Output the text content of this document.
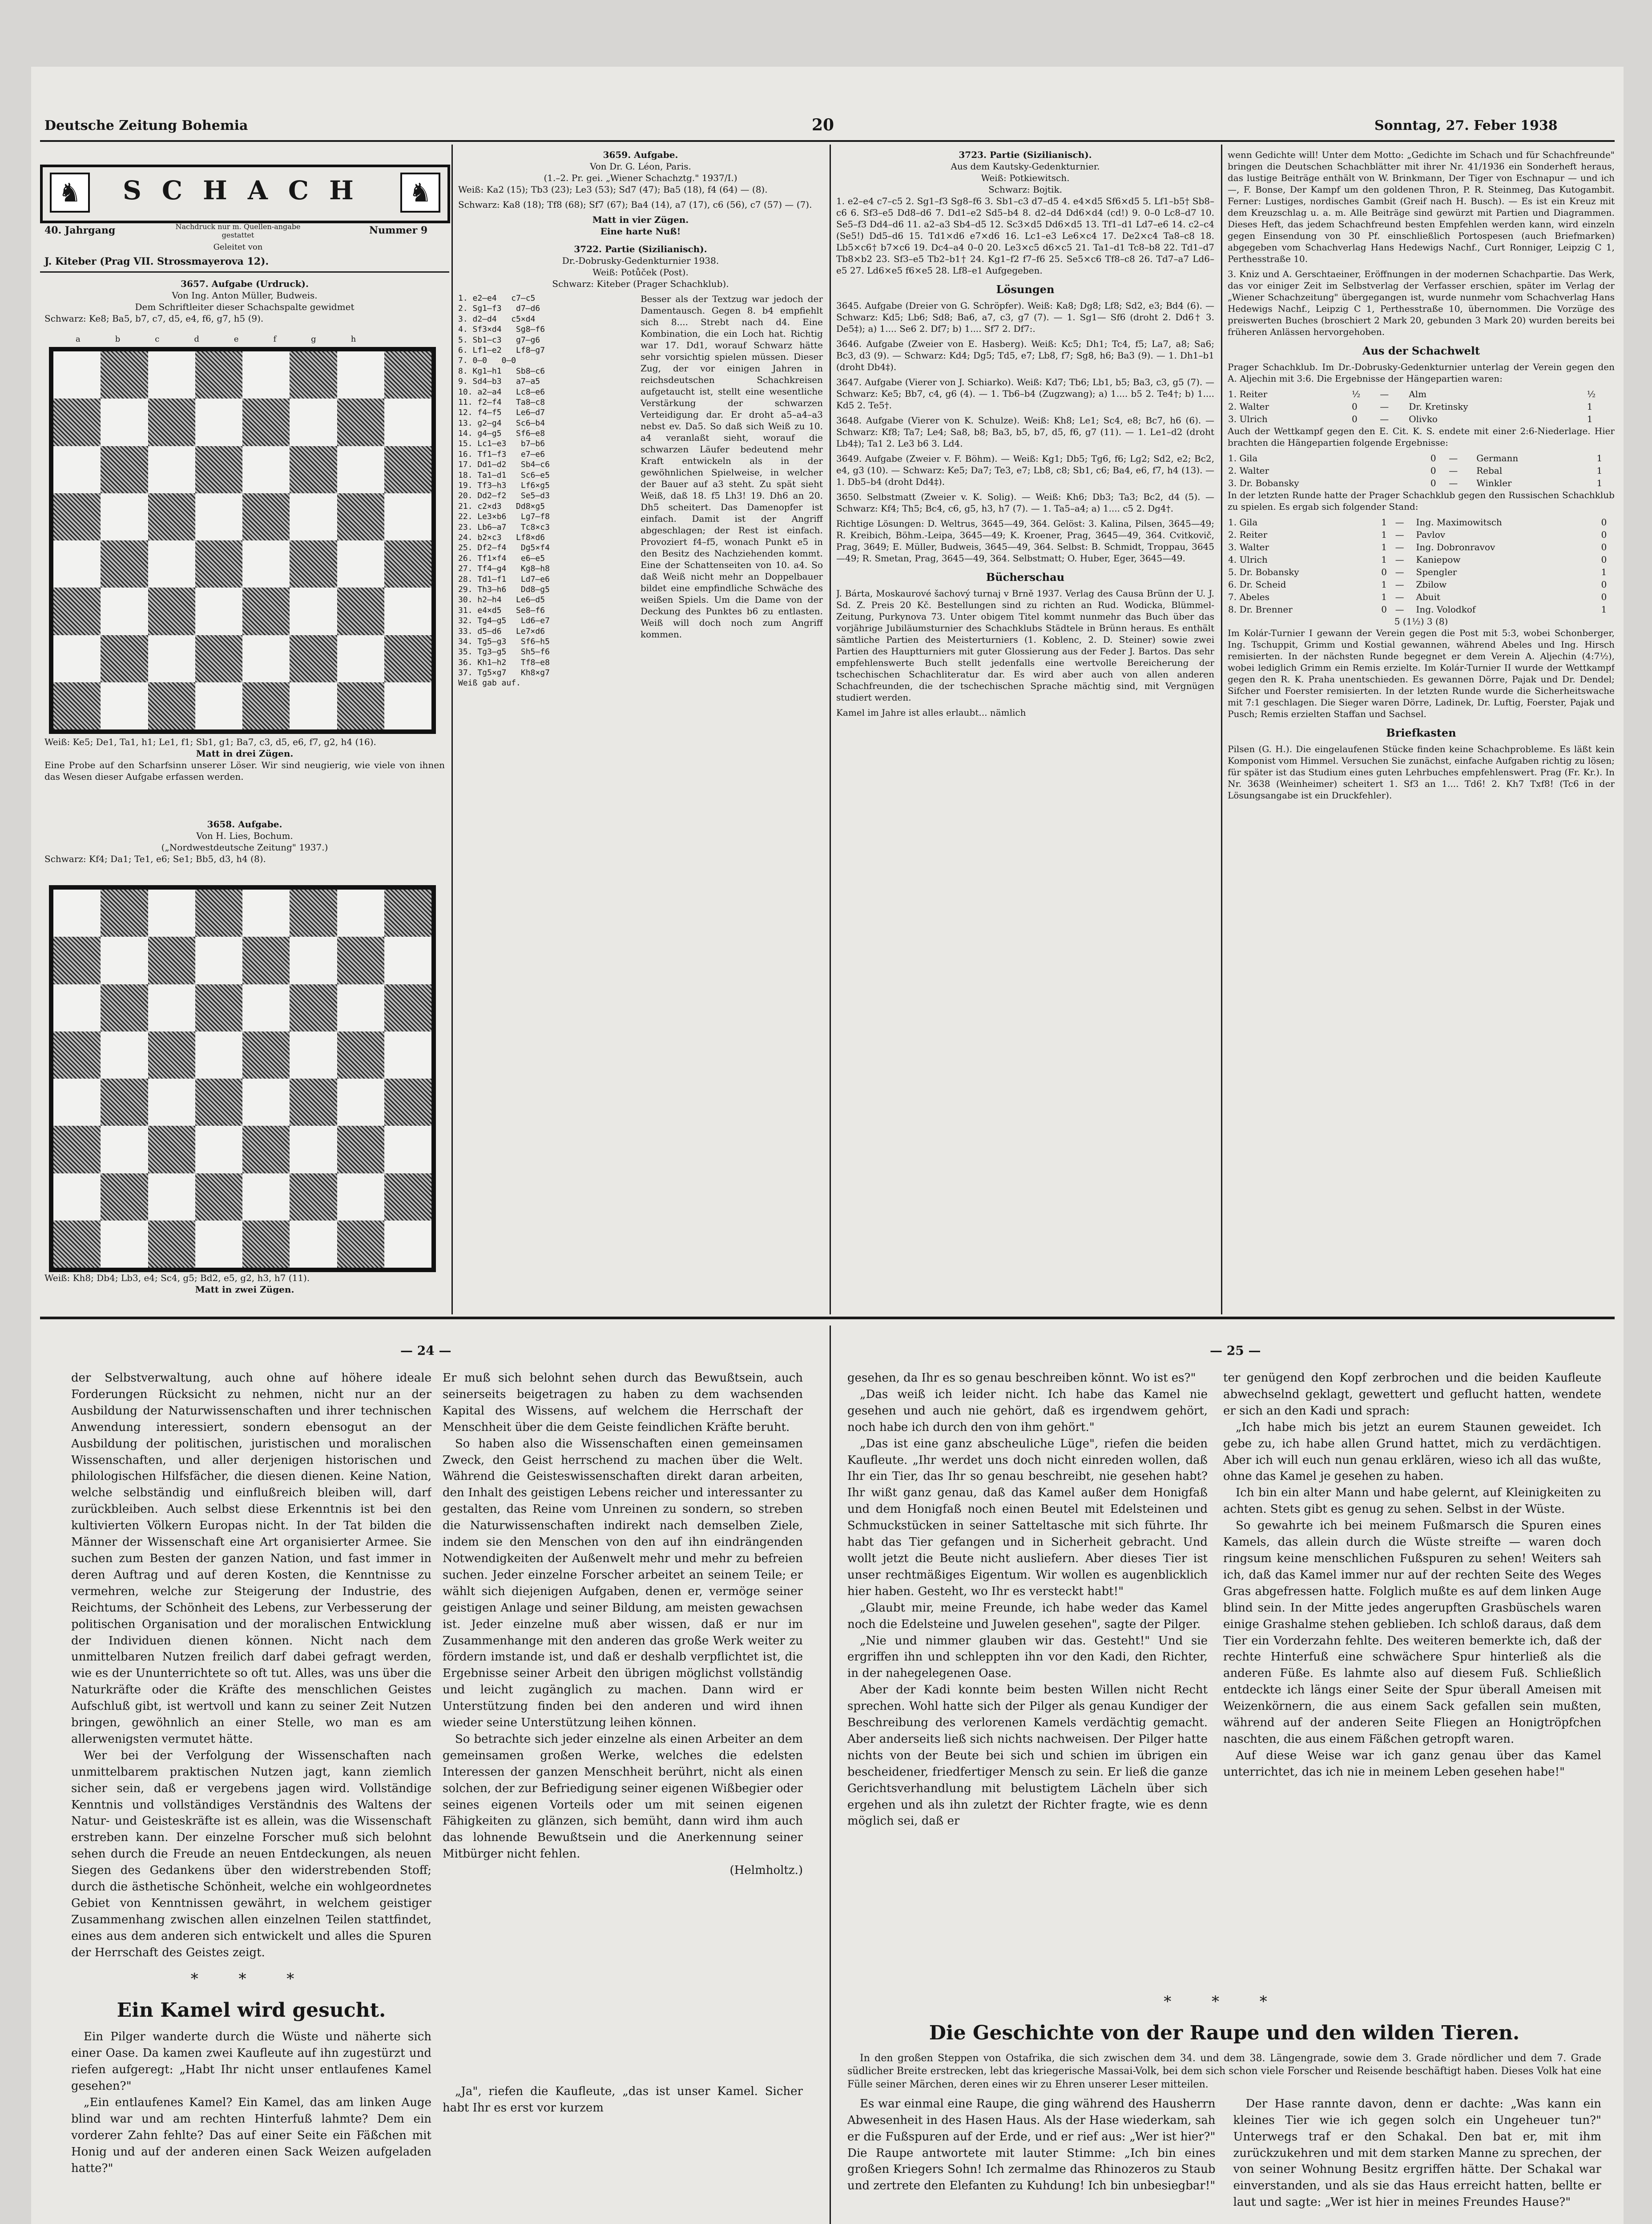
Deutsche Zeitung Bohemia	20	Sonntag, 27. Feber 1938
♞	SCHACH	♞
40. Jahrgang	Nachdruck nur m. Quellen-angabe gestattet	Nummer 9
Geleitet von
J. Kiteber (Prag VII. Strossmayerova 12).
3657. Aufgabe (Urdruck).
Von Ing. Anton Müller, Budweis.
Dem Schriftleiter dieser Schachspalte gewidmet
Schwarz: Ke8; Ba5, b7, c7, d5, e4, f6, g7, h5 (9).
abcdefgh
Weiß: Ke5; De1, Ta1, h1; Le1, f1; Sb1, g1; Ba7, c3, d5, e6, f7, g2, h4 (16).
Matt in drei Zügen.
Eine Probe auf den Scharfsinn unserer Löser. Wir sind neugierig, wie viele von ihnen das Wesen dieser Aufgabe erfassen werden.
3658. Aufgabe.
Von H. Lies, Bochum.
(„Nordwestdeutsche Zeitung" 1937.)
Schwarz: Kf4; Da1; Te1, e6; Se1; Bb5, d3, h4 (8).
Weiß: Kh8; Db4; Lb3, e4; Sc4, g5; Bd2, e5, g2, h3, h7 (11).
Matt in zwei Zügen.
3659. Aufgabe.
Von Dr. G. Léon, Paris.
(1.–2. Pr. gei. „Wiener Schachztg." 1937/I.)

Weiß: Ka2 (15); Tb3 (23); Le3 (53); Sd7 (47); Ba5 (18), f4 (64) — (8).

Schwarz: Ka8 (18); Tf8 (68); Sf7 (67); Ba4 (14), a7 (17), c6 (56), c7 (57) — (7).

Matt in vier Zügen.
Eine harte Nuß!
3722. Partie (Sizilianisch).
Dr.-Dobrusky-Gedenkturnier 1938.
Weiß: Potůček (Post).
Schwarz: Kiteber (Prager Schachklub).
1. e2–e4   c7–c5
2. Sg1–f3   d7–d6
3. d2–d4   c5×d4
4. Sf3×d4   Sg8–f6
5. Sb1–c3   g7–g6
6. Lf1–e2   Lf8–g7
7. 0–0   0–0
8. Kg1–h1   Sb8–c6
9. Sd4–b3   a7–a5
10. a2–a4   Lc8–e6
11. f2–f4   Ta8–c8
12. f4–f5   Le6–d7
13. g2–g4   Sc6–b4
14. g4–g5   Sf6–e8
15. Lc1–e3   b7–b6
16. Tf1–f3   e7–e6
17. Dd1–d2   Sb4–c6
18. Ta1–d1   Sc6–e5
19. Tf3–h3   Lf6×g5
20. Dd2–f2   Se5–d3
21. c2×d3   Dd8×g5
22. Le3×b6   Lg7–f8
23. Lb6–a7   Tc8×c3
24. b2×c3   Lf8×d6
25. Df2–f4   Dg5×f4
26. Tf1×f4   e6–e5
27. Tf4–g4   Kg8–h8
28. Td1–f1   Ld7–e6
29. Th3–h6   Dd8–g5
30. h2–h4   Le6–d5
31. e4×d5   Se8–f6
32. Tg4–g5   Ld6–e7
33. d5–d6   Le7×d6
34. Tg5–g3   Sf6–h5
35. Tg3–g5   Sh5–f6
36. Kh1–h2   Tf8–e8
37. Tg5×g7   Kh8×g7
Weiß gab auf.
Besser als der Textzug war jedoch der Damentausch. Gegen 8. b4 empfiehlt sich 8.... Strebt nach d4. Eine Kombination, die ein Loch hat. Richtig war 17. Dd1, worauf Schwarz hätte sehr vorsichtig spielen müssen. Dieser Zug, der vor einigen Jahren in reichsdeutschen Schachkreisen aufgetaucht ist, stellt eine wesentliche Verstärkung der schwarzen Verteidigung dar. Er droht a5–a4–a3 nebst ev. Da5. So daß sich Weiß zu 10. a4 veranlaßt sieht, worauf die schwarzen Läufer bedeutend mehr Kraft entwickeln als in der gewöhnlichen Spielweise, in welcher der Bauer auf a3 steht. Zu spät sieht Weiß, daß 18. f5 Lh3! 19. Dh6 an 20. Dh5 scheitert. Das Damenopfer ist einfach. Damit ist der Angriff abgeschlagen; der Rest ist einfach. Provoziert f4–f5, wonach Punkt e5 in den Besitz des Nachziehenden kommt. Eine der Schattenseiten von 10. a4. So daß Weiß nicht mehr an Doppelbauer bildet eine empfindliche Schwäche des weißen Spiels. Um die Dame von der Deckung des Punktes b6 zu entlasten. Weiß will doch noch zum Angriff kommen.
3723. Partie (Sizilianisch).
Aus dem Kautsky-Gedenkturnier.
Weiß: Potkiewitsch.
Schwarz: Bojtik.

1. e2–e4 c7–c5 2. Sg1–f3 Sg8–f6 3. Sb1–c3 d7–d5 4. e4×d5 Sf6×d5 5. Lf1–b5† Sb8–c6 6. Sf3–e5 Dd8–d6 7. Dd1–e2 Sd5–b4 8. d2–d4 Dd6×d4 (cd!) 9. 0–0 Lc8–d7 10. Se5–f3 Dd4–d6 11. a2–a3 Sb4–d5 12. Sc3×d5 Dd6×d5 13. Tf1–d1 Ld7–e6 14. c2–c4 (Se5!) Dd5–d6 15. Td1×d6 e7×d6 16. Lc1–e3 Le6×c4 17. De2×c4 Ta8–c8 18. Lb5×c6† b7×c6 19. Dc4–a4 0–0 20. Le3×c5 d6×c5 21. Ta1–d1 Tc8–b8 22. Td1–d7 Tb8×b2 23. Sf3–e5 Tb2–b1† 24. Kg1–f2 f7–f6 25. Se5×c6 Tf8–c8 26. Td7–a7 Ld6–e5 27. Ld6×e5 f6×e5 28. Lf8–e1 Aufgegeben.

Lösungen

3645. Aufgabe (Dreier von G. Schröpfer). Weiß: Ka8; Dg8; Lf8; Sd2, e3; Bd4 (6). — Schwarz: Kd5; Lb6; Sd8; Ba6, a7, c3, g7 (7). — 1. Sg1— Sf6 (droht 2. Dd6† 3. De5‡); a) 1.... Se6 2. Df7; b) 1.... Sf7 2. Df7:.

3646. Aufgabe (Zweier von E. Hasberg). Weiß: Kc5; Dh1; Tc4, f5; La7, a8; Sa6; Bc3, d3 (9). — Schwarz: Kd4; Dg5; Td5, e7; Lb8, f7; Sg8, h6; Ba3 (9). — 1. Dh1–b1 (droht Db4‡).

3647. Aufgabe (Vierer von J. Schiarko). Weiß: Kd7; Tb6; Lb1, b5; Ba3, c3, g5 (7). — Schwarz: Ke5; Bb7, c4, g6 (4). — 1. Tb6–b4 (Zugzwang); a) 1.... b5 2. Te4†; b) 1.... Kd5 2. Te5†.

3648. Aufgabe (Vierer von K. Schulze). Weiß: Kh8; Le1; Sc4, e8; Bc7, h6 (6). — Schwarz: Kf8; Ta7; Le4; Sa8, b8; Ba3, b5, b7, d5, f6, g7 (11). — 1. Le1–d2 (droht Lb4‡); Ta1 2. Le3 b6 3. Ld4.

3649. Aufgabe (Zweier v. F. Böhm). — Weiß: Kg1; Db5; Tg6, f6; Lg2; Sd2, e2; Bc2, e4, g3 (10). — Schwarz: Ke5; Da7; Te3, e7; Lb8, c8; Sb1, c6; Ba4, e6, f7, h4 (13). — 1. Db5–b4 (droht Dd4‡).

3650. Selbstmatt (Zweier v. K. Solig). — Weiß: Kh6; Db3; Ta3; Bc2, d4 (5). — Schwarz: Kf4; Th5; Bc4, c6, g5, h3, h7 (7). — 1. Ta5–a4; a) 1.... c5 2. Dg4†.

Richtige Lösungen: D. Weltrus, 3645—49, 364. Gelöst: 3. Kalina, Pilsen, 3645—49; R. Kreibich, Böhm.-Leipa, 3645—49; K. Kroener, Prag, 3645—49, 364. Cvitkovič, Prag, 3649; E. Müller, Budweis, 3645—49, 364. Selbst: B. Schmidt, Troppau, 3645—49; R. Smetan, Prag, 3645—49, 364. Selbstmatt; O. Huber, Eger, 3645—49.

Bücherschau

J. Bárta, Moskaurové šachový turnaj v Brně 1937. Verlag des Causa Brünn der U. J. Sd. Z. Preis 20 Kč. Bestellungen sind zu richten an Rud. Wodicka, Blümmel-Zeitung, Purkynova 73. Unter obigem Titel kommt nunmehr das Buch über das vorjährige Jubiläumsturnier des Schachklubs Städtele in Brünn heraus. Es enthält sämtliche Partien des Meisterturniers (1. Koblenc, 2. D. Steiner) sowie zwei Partien des Hauptturniers mit guter Glossierung aus der Feder J. Bartos. Das sehr empfehlenswerte Buch stellt jedenfalls eine wertvolle Bereicherung der tschechischen Schachliteratur dar. Es wird aber auch von allen anderen Schachfreunden, die der tschechischen Sprache mächtig sind, mit Vergnügen studiert werden.

Kamel im Jahre ist alles erlaubt... nämlich

wenn Gedichte will! Unter dem Motto: „Gedichte im Schach und für Schachfreunde" bringen die Deutschen Schachblätter mit ihrer Nr. 41/1936 ein Sonderheft heraus, das lustige Beiträge enthält von W. Brinkmann, Der Tiger von Eschnapur — und ich —, F. Bonse, Der Kampf um den goldenen Thron, P. R. Steinmeg, Das Kutogambit. Ferner: Lustiges, nordisches Gambit (Greif nach H. Busch). — Es ist ein Kreuz mit dem Kreuzschlag u. a. m. Alle Beiträge sind gewürzt mit Partien und Diagrammen. Dieses Heft, das jedem Schachfreund besten Empfehlen werden kann, wird einzeln gegen Einsendung von 30 Pf. einschließlich Portospesen (auch Briefmarken) abgegeben vom Schachverlag Hans Hedewigs Nachf., Curt Ronniger, Leipzig C 1, Perthesstraße 10.

3. Kniz und A. Gerschtaeiner, Eröffnungen in der modernen Schachpartie. Das Werk, das vor einiger Zeit im Selbstverlag der Verfasser erschien, später im Verlag der „Wiener Schachzeitung" übergegangen ist, wurde nunmehr vom Schachverlag Hans Hedewigs Nachf., Leipzig C 1, Perthesstraße 10, übernommen. Die Vorzüge des preiswerten Buches (broschiert 2 Mark 20, gebunden 3 Mark 20) wurden bereits bei früheren Anlässen hervorgehoben.

Aus der Schachwelt

Prager Schachklub. Im Dr.-Dobrusky-Gedenkturnier unterlag der Verein gegen den A. Aljechin mit 3:6. Die Ergebnisse der Hängepartien waren:

1. Reiter	½	—	Alm	½
2. Walter	0	—	Dr. Kretinsky	1
3. Ulrich	0	—	Olivko	1

Auch der Wettkampf gegen den E. Cit. K. S. endete mit einer 2:6-Niederlage. Hier brachten die Hängepartien folgende Ergebnisse:

1. Gila	0	—	Germann	1
2. Walter	0	—	Rebal	1
3. Dr. Bobansky	0	—	Winkler	1

In der letzten Runde hatte der Prager Schachklub gegen den Russischen Schachklub zu spielen. Es ergab sich folgender Stand:

1. Gila	1	—	Ing. Maximowitsch	0
2. Reiter	1	—	Pavlov	0
3. Walter	1	—	Ing. Dobronravov	0
4. Ulrich	1	—	Kaniepow	0
5. Dr. Bobansky	0	—	Spengler	1
6. Dr. Scheid	1	—	Zbilow	0
7. Abeles	1	—	Abuit	0
8. Dr. Brenner	0	—	Ing. Volodkof	1
5 (1½) 3 (8)

Im Kolár-Turnier I gewann der Verein gegen die Post mit 5:3, wobei Schonberger, Ing. Tschuppit, Grimm und Kostial gewannen, während Abeles und Ing. Hirsch remisierten. In der nächsten Runde begegnet er dem Verein A. Aljechin (4:7½), wobei lediglich Grimm ein Remis erzielte. Im Kolár-Turnier II wurde der Wettkampf gegen den R. K. Praha unentschieden. Es gewannen Dörre, Pajak und Dr. Dendel; Sifcher und Foerster remisierten. In der letzten Runde wurde die Sicherheitswache mit 7:1 geschlagen. Die Sieger waren Dörre, Ladinek, Dr. Luftig, Foerster, Pajak und Pusch; Remis erzielten Staffan und Sachsel.

Briefkasten

Pilsen (G. H.). Die eingelaufenen Stücke finden keine Schachprobleme. Es läßt kein Komponist vom Himmel. Versuchen Sie zunächst, einfache Aufgaben richtig zu lösen; für später ist das Studium eines guten Lehrbuches empfehlenswert. Prag (Fr. Kr.). In Nr. 3638 (Weinheimer) scheitert 1. Sf3 an 1.... Td6! 2. Kh7 Txf8! (Tc6 in der Lösungsangabe ist ein Druckfehler).

— 24 —	— 25 —

der Selbstverwaltung, auch ohne auf höhere ideale Forderungen Rücksicht zu nehmen, nicht nur an der Ausbildung der Naturwissenschaften und ihrer technischen Anwendung interessiert, sondern ebensogut an der Ausbildung der politischen, juristischen und moralischen Wissenschaften, und aller derjenigen historischen und philologischen Hilfsfächer, die diesen dienen. Keine Nation, welche selbständig und einflußreich bleiben will, darf zurückbleiben. Auch selbst diese Erkenntnis ist bei den kultivierten Völkern Europas nicht. In der Tat bilden die Männer der Wissenschaft eine Art organisierter Armee. Sie suchen zum Besten der ganzen Nation, und fast immer in deren Auftrag und auf deren Kosten, die Kenntnisse zu vermehren, welche zur Steigerung der Industrie, des Reichtums, der Schönheit des Lebens, zur Verbesserung der politischen Organisation und der moralischen Entwicklung der Individuen dienen können. Nicht nach dem unmittelbaren Nutzen freilich darf dabei gefragt werden, wie es der Ununterrichtete so oft tut. Alles, was uns über die Naturkräfte oder die Kräfte des menschlichen Geistes Aufschluß gibt, ist wertvoll und kann zu seiner Zeit Nutzen bringen, gewöhnlich an einer Stelle, wo man es am allerwenigsten vermutet hätte.

Wer bei der Verfolgung der Wissenschaften nach unmittelbarem praktischen Nutzen jagt, kann ziemlich sicher sein, daß er vergebens jagen wird. Vollständige Kenntnis und vollständiges Verständnis des Waltens der Natur- und Geisteskräfte ist es allein, was die Wissenschaft erstreben kann. Der einzelne Forscher muß sich belohnt sehen durch die Freude an neuen Entdeckungen, als neuen Siegen des Gedankens über den widerstrebenden Stoff; durch die ästhetische Schönheit, welche ein wohlgeordnetes Gebiet von Kenntnissen gewährt, in welchem geistiger Zusammenhang zwischen allen einzelnen Teilen stattfindet, eines aus dem anderen sich entwickelt und alles die Spuren der Herrschaft des Geistes zeigt.

* * *
Ein Kamel wird gesucht.

Ein Pilger wanderte durch die Wüste und näherte sich einer Oase. Da kamen zwei Kaufleute auf ihn zugestürzt und riefen aufgeregt: „Habt Ihr nicht unser entlaufenes Kamel gesehen?"

„Ein entlaufenes Kamel? Ein Kamel, das am linken Auge blind war und am rechten Hinterfuß lahmte? Dem ein vorderer Zahn fehlte? Das auf einer Seite ein Fäßchen mit Honig und auf der anderen einen Sack Weizen aufgeladen hatte?"

Er muß sich belohnt sehen durch das Bewußtsein, auch seinerseits beigetragen zu haben zu dem wachsenden Kapital des Wissens, auf welchem die Herrschaft der Menschheit über die dem Geiste feindlichen Kräfte beruht.

So haben also die Wissenschaften einen gemeinsamen Zweck, den Geist herrschend zu machen über die Welt. Während die Geisteswissenschaften direkt daran arbeiten, den Inhalt des geistigen Lebens reicher und interessanter zu gestalten, das Reine vom Unreinen zu sondern, so streben die Naturwissenschaften indirekt nach demselben Ziele, indem sie den Menschen von den auf ihn eindrängenden Notwendigkeiten der Außenwelt mehr und mehr zu befreien suchen. Jeder einzelne Forscher arbeitet an seinem Teile; er wählt sich diejenigen Aufgaben, denen er, vermöge seiner geistigen Anlage und seiner Bildung, am meisten gewachsen ist. Jeder einzelne muß aber wissen, daß er nur im Zusammenhange mit den anderen das große Werk weiter zu fördern imstande ist, und daß er deshalb verpflichtet ist, die Ergebnisse seiner Arbeit den übrigen möglichst vollständig und leicht zugänglich zu machen. Dann wird er Unterstützung finden bei den anderen und wird ihnen wieder seine Unterstützung leihen können.

So betrachte sich jeder einzelne als einen Arbeiter an dem gemeinsamen großen Werke, welches die edelsten Interessen der ganzen Menschheit berührt, nicht als einen solchen, der zur Befriedigung seiner eigenen Wißbegier oder seines eigenen Vorteils oder um mit seinen eigenen Fähigkeiten zu glänzen, sich bemüht, dann wird ihm auch das lohnende Bewußtsein und die Anerkennung seiner Mitbürger nicht fehlen.

(Helmholtz.)

„Ja", riefen die Kaufleute, „das ist unser Kamel. Sicher habt Ihr es erst vor kurzem

gesehen, da Ihr es so genau beschreiben könnt. Wo ist es?"

„Das weiß ich leider nicht. Ich habe das Kamel nie gesehen und auch nie gehört, daß es irgendwem gehört, noch habe ich durch den von ihm gehört."

„Das ist eine ganz abscheuliche Lüge", riefen die beiden Kaufleute. „Ihr werdet uns doch nicht einreden wollen, daß Ihr ein Tier, das Ihr so genau beschreibt, nie gesehen habt? Ihr wißt ganz genau, daß das Kamel außer dem Honigfaß und dem Honigfaß noch einen Beutel mit Edelsteinen und Schmuckstücken in seiner Satteltasche mit sich führte. Ihr habt das Tier gefangen und in Sicherheit gebracht. Und wollt jetzt die Beute nicht ausliefern. Aber dieses Tier ist unser rechtmäßiges Eigentum. Wir wollen es augenblicklich hier haben. Gesteht, wo Ihr es versteckt habt!"

„Glaubt mir, meine Freunde, ich habe weder das Kamel noch die Edelsteine und Juwelen gesehen", sagte der Pilger.

„Nie und nimmer glauben wir das. Gesteht!" Und sie ergriffen ihn und schleppten ihn vor den Kadi, den Richter, in der nahegelegenen Oase.

Aber der Kadi konnte beim besten Willen nicht Recht sprechen. Wohl hatte sich der Pilger als genau Kundiger der Beschreibung des verlorenen Kamels verdächtig gemacht. Aber anderseits ließ sich nichts nachweisen. Der Pilger hatte nichts von der Beute bei sich und schien im übrigen ein bescheidener, friedfertiger Mensch zu sein. Er ließ die ganze Gerichtsverhandlung mit belustigtem Lächeln über sich ergehen und als ihn zuletzt der Richter fragte, wie es denn möglich sei, daß er

ter genügend den Kopf zerbrochen und die beiden Kaufleute abwechselnd geklagt, gewettert und geflucht hatten, wendete er sich an den Kadi und sprach:

„Ich habe mich bis jetzt an eurem Staunen geweidet. Ich gebe zu, ich habe allen Grund hattet, mich zu verdächtigen. Aber ich will euch nun genau erklären, wieso ich all das wußte, ohne das Kamel je gesehen zu haben.

Ich bin ein alter Mann und habe gelernt, auf Kleinigkeiten zu achten. Stets gibt es genug zu sehen. Selbst in der Wüste.

So gewahrte ich bei meinem Fußmarsch die Spuren eines Kamels, das allein durch die Wüste streifte — waren doch ringsum keine menschlichen Fußspuren zu sehen! Weiters sah ich, daß das Kamel immer nur auf der rechten Seite des Weges Gras abgefressen hatte. Folglich mußte es auf dem linken Auge blind sein. In der Mitte jedes angerupften Grasbüschels waren einige Grashalme stehen geblieben. Ich schloß daraus, daß dem Tier ein Vorderzahn fehlte. Des weiteren bemerkte ich, daß der rechte Hinterfuß eine schwächere Spur hinterließ als die anderen Füße. Es lahmte also auf diesem Fuß. Schließlich entdeckte ich längs einer Seite der Spur überall Ameisen mit Weizenkörnern, die aus einem Sack gefallen sein mußten, während auf der anderen Seite Fliegen an Honigtröpfchen naschten, die aus einem Fäßchen getropft waren.

Auf diese Weise war ich ganz genau über das Kamel unterrichtet, das ich nie in meinem Leben gesehen habe!"

* * *
Die Geschichte von der Raupe und den wilden Tieren.

In den großen Steppen von Ostafrika, die sich zwischen dem 34. und dem 38. Längengrade, sowie dem 3. Grade nördlicher und dem 7. Grade südlicher Breite erstrecken, lebt das kriegerische Massai-Volk, bei dem sich schon viele Forscher und Reisende beschäftigt haben. Dieses Volk hat eine Fülle seiner Märchen, deren eines wir zu Ehren unserer Leser mitteilen.

Es war einmal eine Raupe, die ging während des Hausherrn Abwesenheit in des Hasen Haus. Als der Hase wiederkam, sah er die Fußspuren auf der Erde, und er rief aus: „Wer ist hier?" Die Raupe antwortete mit lauter Stimme: „Ich bin eines großen Kriegers Sohn! Ich zermalme das Rhinozeros zu Staub und zertrete den Elefanten zu Kuhdung! Ich bin unbesiegbar!"

Der Hase rannte davon, denn er dachte: „Was kann ein kleines Tier wie ich gegen solch ein Ungeheuer tun?" Unterwegs traf er den Schakal. Den bat er, mit ihm zurückzukehren und mit dem starken Manne zu sprechen, der von seiner Wohnung Besitz ergriffen hätte. Der Schakal war einverstanden, und als sie das Haus erreicht hatten, bellte er laut und sagte: „Wer ist hier in meines Freundes Hause?"
